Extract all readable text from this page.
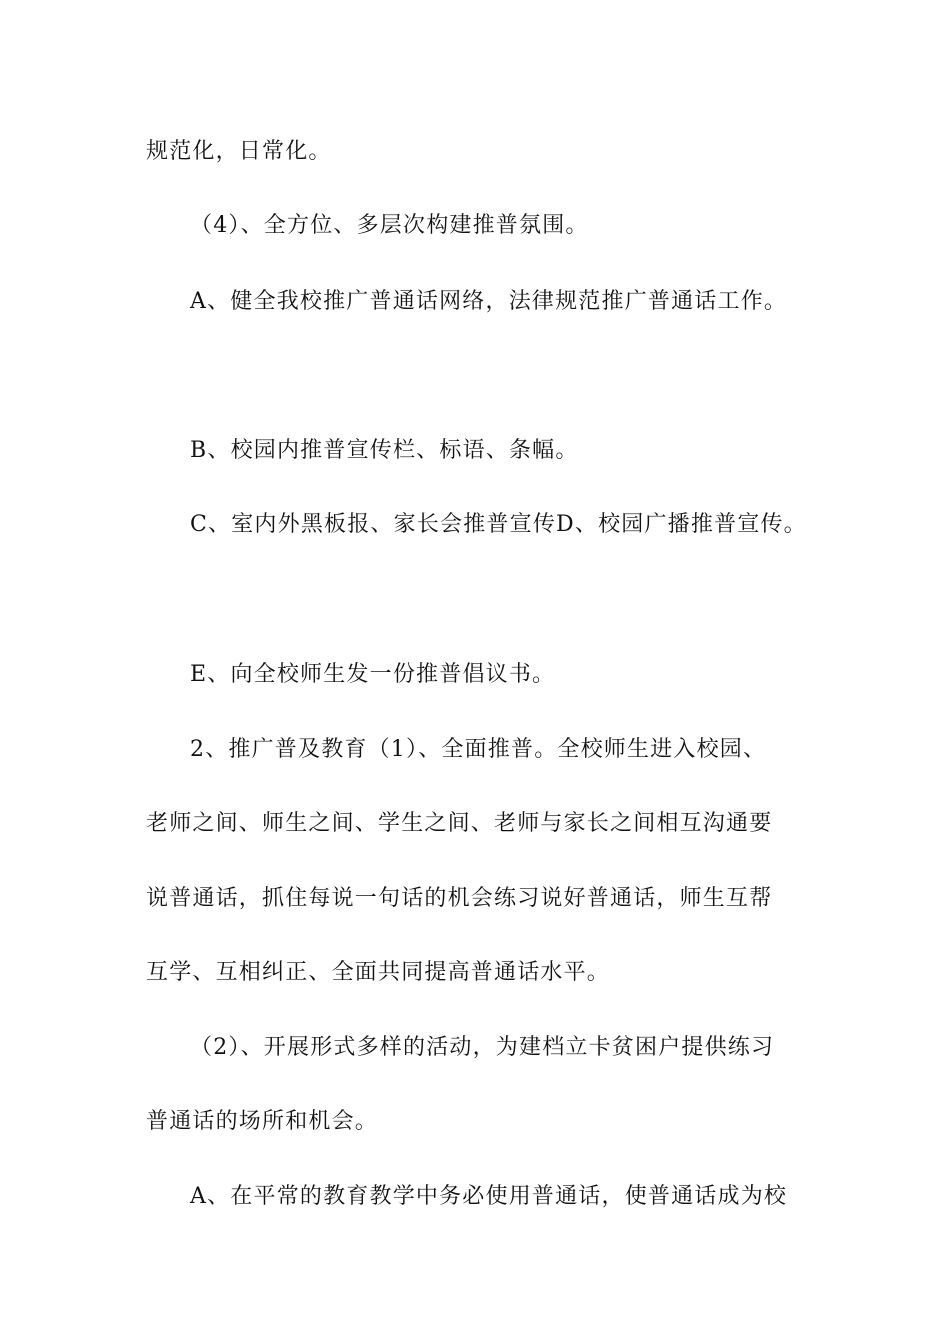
规范化，日常化。
（4）、全方位、多层次构建推普氛围。
A、健全我校推广普通话网络，法律规范推广普通话工作。
B、校园内推普宣传栏、标语、条幅。
C、室内外黑板报、家长会推普宣传D、校园广播推普宣传。
E、向全校师生发一份推普倡议书。
2、推广普及教育（1）、全面推普。全校师生进入校园、
老师之间、师生之间、学生之间、老师与家长之间相互沟通要
说普通话，抓住每说一句话的机会练习说好普通话，师生互帮
互学、互相纠正、全面共同提高普通话水平。
（2）、开展形式多样的活动，为建档立卡贫困户提供练习
普通话的场所和机会。
A、在平常的教育教学中务必使用普通话，使普通话成为校
